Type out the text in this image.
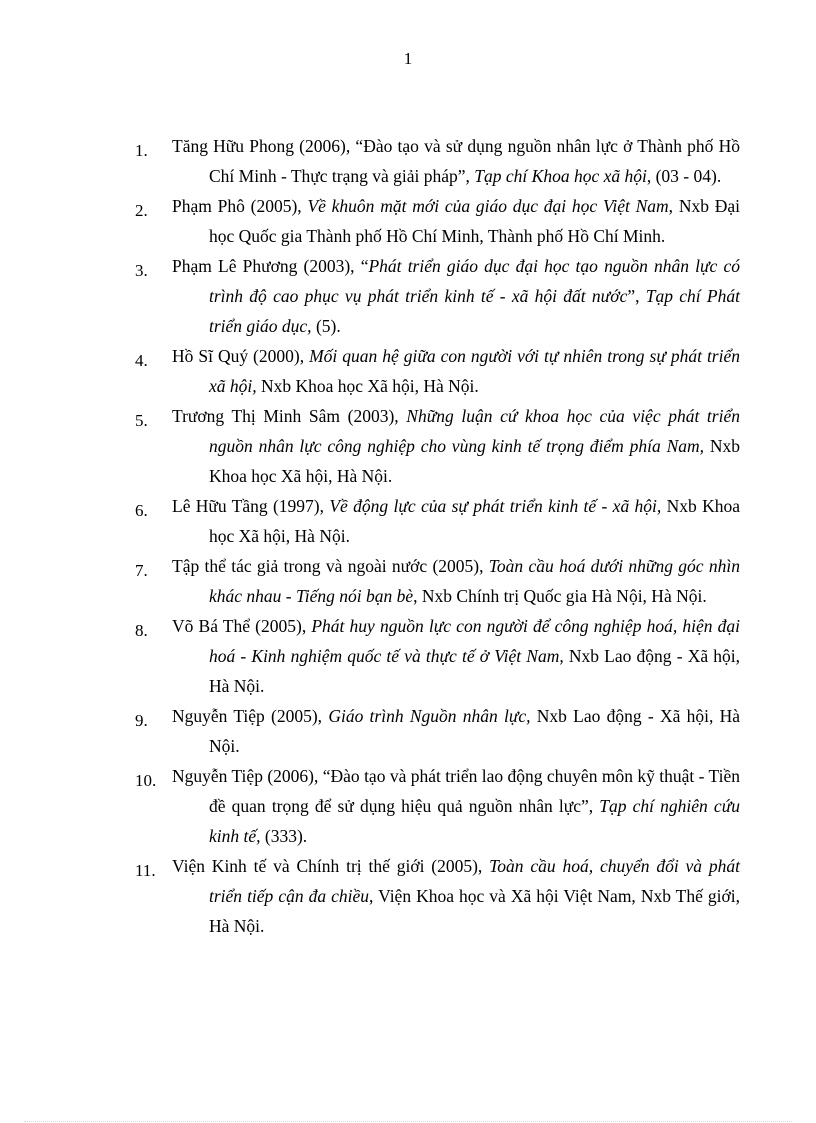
1
1.	Tăng Hữu Phong (2006), “Đào tạo và sử dụng nguồn nhân lực ở Thành phố Hồ Chí Minh - Thực trạng và giải pháp”, Tạp chí Khoa học xã hội, (03 - 04).
2.	Phạm Phô (2005), Về khuôn mặt mới của giáo dục đại học Việt Nam, Nxb Đại học Quốc gia Thành phố Hồ Chí Minh, Thành phố Hồ Chí Minh.
3.	Phạm Lê Phương (2003), “Phát triển giáo dục đại học tạo nguồn nhân lực có trình độ cao phục vụ phát triển kinh tế - xã hội đất nước”, Tạp chí Phát triển giáo dục, (5).
4.	Hồ Sĩ Quý (2000), Mối quan hệ giữa con người với tự nhiên trong sự phát triển xã hội, Nxb Khoa học Xã hội, Hà Nội.
5.	Trương Thị Minh Sâm (2003), Những luận cứ khoa học của việc phát triển nguồn nhân lực công nghiệp cho vùng kinh tế trọng điểm phía Nam, Nxb Khoa học Xã hội, Hà Nội.
6.	Lê Hữu Tầng (1997), Về động lực của sự phát triển kinh tế - xã hội, Nxb Khoa học Xã hội, Hà Nội.
7.	Tập thể tác giả trong và ngoài nước (2005), Toàn cầu hoá dưới những góc nhìn khác nhau - Tiếng nói bạn bè, Nxb Chính trị Quốc gia Hà Nội, Hà Nội.
8.	Võ Bá Thể (2005), Phát huy nguồn lực con người để công nghiệp hoá, hiện đại hoá - Kinh nghiệm quốc tế và thực tế ở Việt Nam, Nxb Lao động - Xã hội, Hà Nội.
9.	Nguyễn Tiệp (2005), Giáo trình Nguồn nhân lực, Nxb Lao động - Xã hội, Hà Nội.
10. Nguyễn Tiệp (2006), “Đào tạo và phát triển lao động chuyên môn kỹ thuật - Tiền đề quan trọng để sử dụng hiệu quả nguồn nhân lực”, Tạp chí nghiên cứu kinh tế, (333).
11. Viện Kinh tế và Chính trị thế giới (2005), Toàn cầu hoá, chuyển đổi và phát triển tiếp cận đa chiều, Viện Khoa học và Xã hội Việt Nam, Nxb Thế giới, Hà Nội.
